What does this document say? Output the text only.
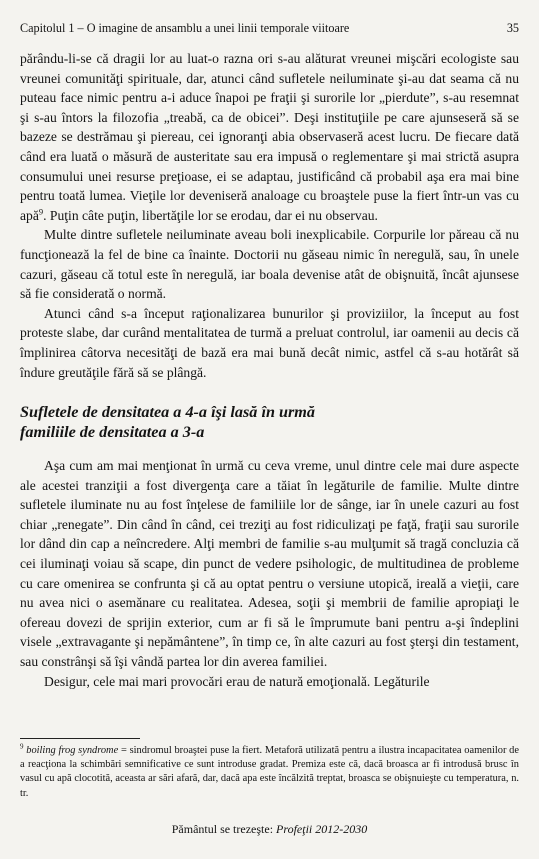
Capitolul 1 – O imagine de ansamblu a unei linii temporale viitoare	35

părându-li-se că dragii lor au luat-o razna ori s-au alăturat vreunei mişcări ecologiste sau vreunei comunităţi spirituale, dar, atunci când sufletele neiluminate şi-au dat seama că nu puteau face nimic pentru a-i aduce înapoi pe fraţii şi surorile lor „pierdute”, s-au resemnat şi s-au întors la filozofia „treabă, ca de obicei”. Deşi instituţiile pe care ajunseseră să se bazeze se destrămau şi piereau, cei ignoranţi abia observaseră acest lucru. De fiecare dată când era luată o măsură de austeritate sau era impusă o reglementare şi mai strictă asupra consumului unei resurse preţioase, ei se adaptau, justificând că probabil aşa era mai bine pentru toată lumea. Vieţile lor deveniseră analoage cu broaştele puse la fiert într-un vas cu apă$^9$. Puţin câte puţin, libertăţile lor se erodau, dar ei nu observau.

Multe dintre sufletele neiluminate aveau boli inexplicabile. Corpurile lor păreau că nu funcţionează la fel de bine ca înainte. Doctorii nu găseau nimic în neregulă, sau, în unele cazuri, găseau că totul este în neregulă, iar boala devenise atât de obişnuită, încât ajunsese să fie considerată o normă.

Atunci când s-a început raţionalizarea bunurilor şi proviziilor, la început au fost proteste slabe, dar curând mentalitatea de turmă a preluat controlul, iar oamenii au decis că împlinirea câtorva necesităţi de bază era mai bună decât nimic, astfel că s-au hotărât să îndure greutăţile fără să se plângă.

Sufletele de densitatea a 4-a îşi lasă în urmă
familiile de densitatea a 3-a

Aşa cum am mai menţionat în urmă cu ceva vreme, unul dintre cele mai dure aspecte ale acestei tranziţii a fost divergenţa care a tăiat în legăturile de familie. Multe dintre sufletele iluminate nu au fost înţelese de familiile lor de sânge, iar în unele cazuri au fost chiar „renegate”. Din când în când, cei treziţi au fost ridiculizaţi pe faţă, fraţii sau surorile lor dând din cap a neîncredere. Alţi membri de familie s-au mulţumit să tragă concluzia că cei iluminaţi voiau să scape, din punct de vedere psihologic, de multitudinea de probleme cu care omenirea se confrunta şi că au optat pentru o versiune utopică, ireală a vieţii, care nu avea nici o asemănare cu realitatea. Adesea, soţii şi membrii de familie apropiaţi le ofereau dovezi de sprijin exterior, cum ar fi să le împrumute bani pentru a-şi îndeplini visele „extravagante şi nepământene”, în timp ce, în alte cazuri au fost şterşi din testament, sau constrânşi să îşi vândă partea lor din averea familiei.

Desigur, cele mai mari provocări erau de natură emoţională. Legăturile

$^9$ boiling frog syndrome = sindromul broaştei puse la fiert. Metaforă utilizată pentru a ilustra incapacitatea oamenilor de a reacţiona la schimbări semnificative ce sunt introduse gradat. Premiza este că, dacă broasca ar fi introdusă brusc în vasul cu apă clocotită, aceasta ar sări afară, dar, dacă apa este încălzită treptat, broasca se obişnuieşte cu temperatura, n. tr.
Pământul se trezeşte: Profeţii 2012-2030
